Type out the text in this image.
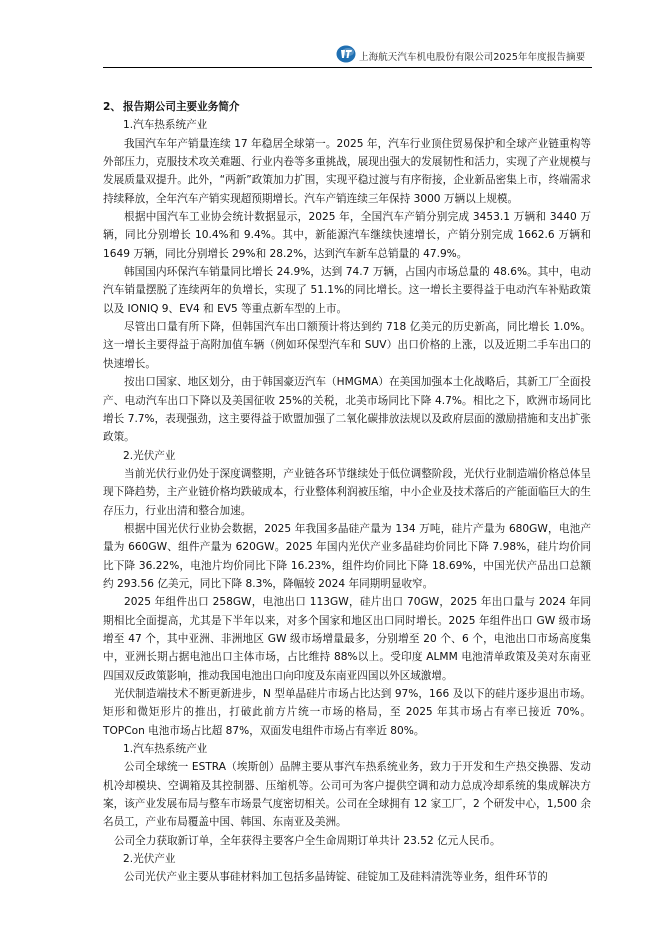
上海航天汽车机电股份有限公司2025年年度报告摘要

2、 报告期公司主要业务简介

1.汽车热系统产业

我国汽车年产销量连续 17 年稳居全球第一。2025 年，汽车行业顶住贸易保护和全球产业链重构等外部压力，克服技术攻关难题、行业内卷等多重挑战，展现出强大的发展韧性和活力，实现了产业规模与发展质量双提升。此外，“两新”政策加力扩围，实现平稳过渡与有序衔接，企业新品密集上市，终端需求持续释放，全年汽车产销实现超预期增长。汽车产销连续三年保持 3000 万辆以上规模。

根据中国汽车工业协会统计数据显示，2025 年，全国汽车产销分别完成 3453.1 万辆和 3440 万辆，同比分别增长 10.4%和 9.4%。其中，新能源汽车继续快速增长，产销分别完成 1662.6 万辆和 1649 万辆，同比分别增长 29%和 28.2%，达到汽车新车总销量的 47.9%。

韩国国内环保汽车销量同比增长 24.9%，达到 74.7 万辆，占国内市场总量的 48.6%。其中，电动汽车销量摆脱了连续两年的负增长，实现了 51.1%的同比增长。这一增长主要得益于电动汽车补贴政策以及 IONIQ 9、EV4 和 EV5 等重点新车型的上市。

尽管出口量有所下降，但韩国汽车出口额预计将达到约 718 亿美元的历史新高，同比增长 1.0%。这一增长主要得益于高附加值车辆（例如环保型汽车和 SUV）出口价格的上涨，以及近期二手车出口的快速增长。

按出口国家、地区划分，由于韩国豪迈汽车（HMGMA）在美国加强本土化战略后，其新工厂全面投产、电动汽车出口下降以及美国征收 25%的关税，北美市场同比下降 4.7%。相比之下，欧洲市场同比增长 7.7%，表现强劲，这主要得益于欧盟加强了二氧化碳排放法规以及政府层面的激励措施和支出扩张政策。

2.光伏产业

当前光伏行业仍处于深度调整期，产业链各环节继续处于低位调整阶段，光伏行业制造端价格总体呈现下降趋势，主产业链价格均跌破成本，行业整体利润被压缩，中小企业及技术落后的产能面临巨大的生存压力，行业出清和整合加速。

根据中国光伏行业协会数据，2025 年我国多晶硅产量为 134 万吨，硅片产量为 680GW，电池产量为 660GW、组件产量为 620GW。2025 年国内光伏产业多晶硅均价同比下降 7.98%，硅片均价同比下降 36.22%，电池片均价同比下降 16.23%，组件均价同比下降 18.69%，中国光伏产品出口总额约 293.56 亿美元，同比下降 8.3%，降幅较 2024 年同期明显收窄。

2025 年组件出口 258GW，电池出口 113GW，硅片出口 70GW，2025 年出口量与 2024 年同期相比全面提高，尤其是下半年以来，对多个国家和地区出口同时增长。2025 年组件出口 GW 级市场增至 47 个，其中亚洲、非洲地区 GW 级市场增量最多，分别增至 20 个、6 个，电池出口市场高度集中，亚洲长期占据电池出口主体市场，占比维持 88%以上。受印度 ALMM 电池清单政策及美对东南亚四国双反政策影响，推动我国电池出口向印度及东南亚四国以外区域激增。

光伏制造端技术不断更新进步，N 型单晶硅片市场占比达到 97%，166 及以下的硅片逐步退出市场。矩形和微矩形片的推出，打破此前方片统一市场的格局，至 2025 年其市场占有率已接近 70%。TOPCon 电池市场占比超 87%，双面发电组件市场占有率近 80%。

1.汽车热系统产业

公司全球统一 ESTRA（埃斯创）品牌主要从事汽车热系统业务，致力于开发和生产热交换器、发动机冷却模块、空调箱及其控制器、压缩机等。公司可为客户提供空调和动力总成冷却系统的集成解决方案，该产业发展布局与整车市场景气度密切相关。公司在全球拥有 12 家工厂，2 个研发中心，1,500 余名员工，产业布局覆盖中国、韩国、东南亚及美洲。

公司全力获取新订单，全年获得主要客户全生命周期订单共计 23.52 亿元人民币。

2.光伏产业

公司光伏产业主要从事硅材料加工包括多晶铸锭、硅锭加工及硅料清洗等业务，组件环节的
